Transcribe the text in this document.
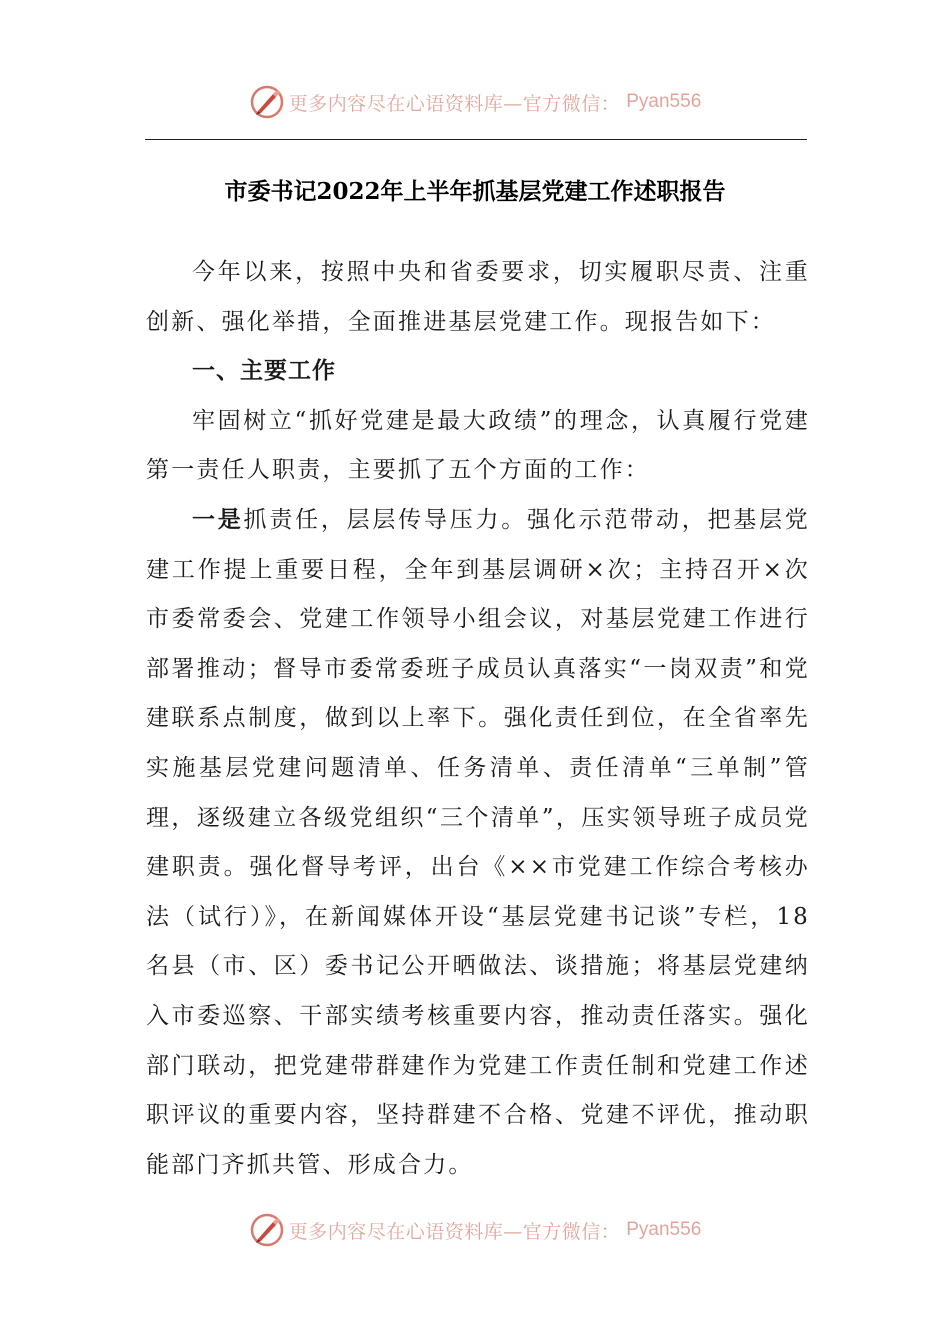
更多内容尽在心语资料库—官方微信： Pyan556
市委书记2022年上半年抓基层党建工作述职报告

今年以来，按照中央和省委要求，切实履职尽责、注重创新、强化举措，全面推进基层党建工作。现报告如下：

一、主要工作

牢固树立“抓好党建是最大政绩”的理念，认真履行党建第一责任人职责，主要抓了五个方面的工作：

一是抓责任，层层传导压力。强化示范带动，把基层党建工作提上重要日程，全年到基层调研×次；主持召开×次市委常委会、党建工作领导小组会议，对基层党建工作进行部署推动；督导市委常委班子成员认真落实“一岗双责”和党建联系点制度，做到以上率下。强化责任到位，在全省率先实施基层党建问题清单、任务清单、责任清单“三单制”管理，逐级建立各级党组织“三个清单”，压实领导班子成员党建职责。强化督导考评，出台《××市党建工作综合考核办法（试行）》，在新闻媒体开设“基层党建书记谈”专栏，18名县（市、区）委书记公开晒做法、谈措施；将基层党建纳入市委巡察、干部实绩考核重要内容，推动责任落实。强化部门联动，把党建带群建作为党建工作责任制和党建工作述职评议的重要内容，坚持群建不合格、党建不评优，推动职能部门齐抓共管、形成合力。

更多内容尽在心语资料库—官方微信： Pyan556
